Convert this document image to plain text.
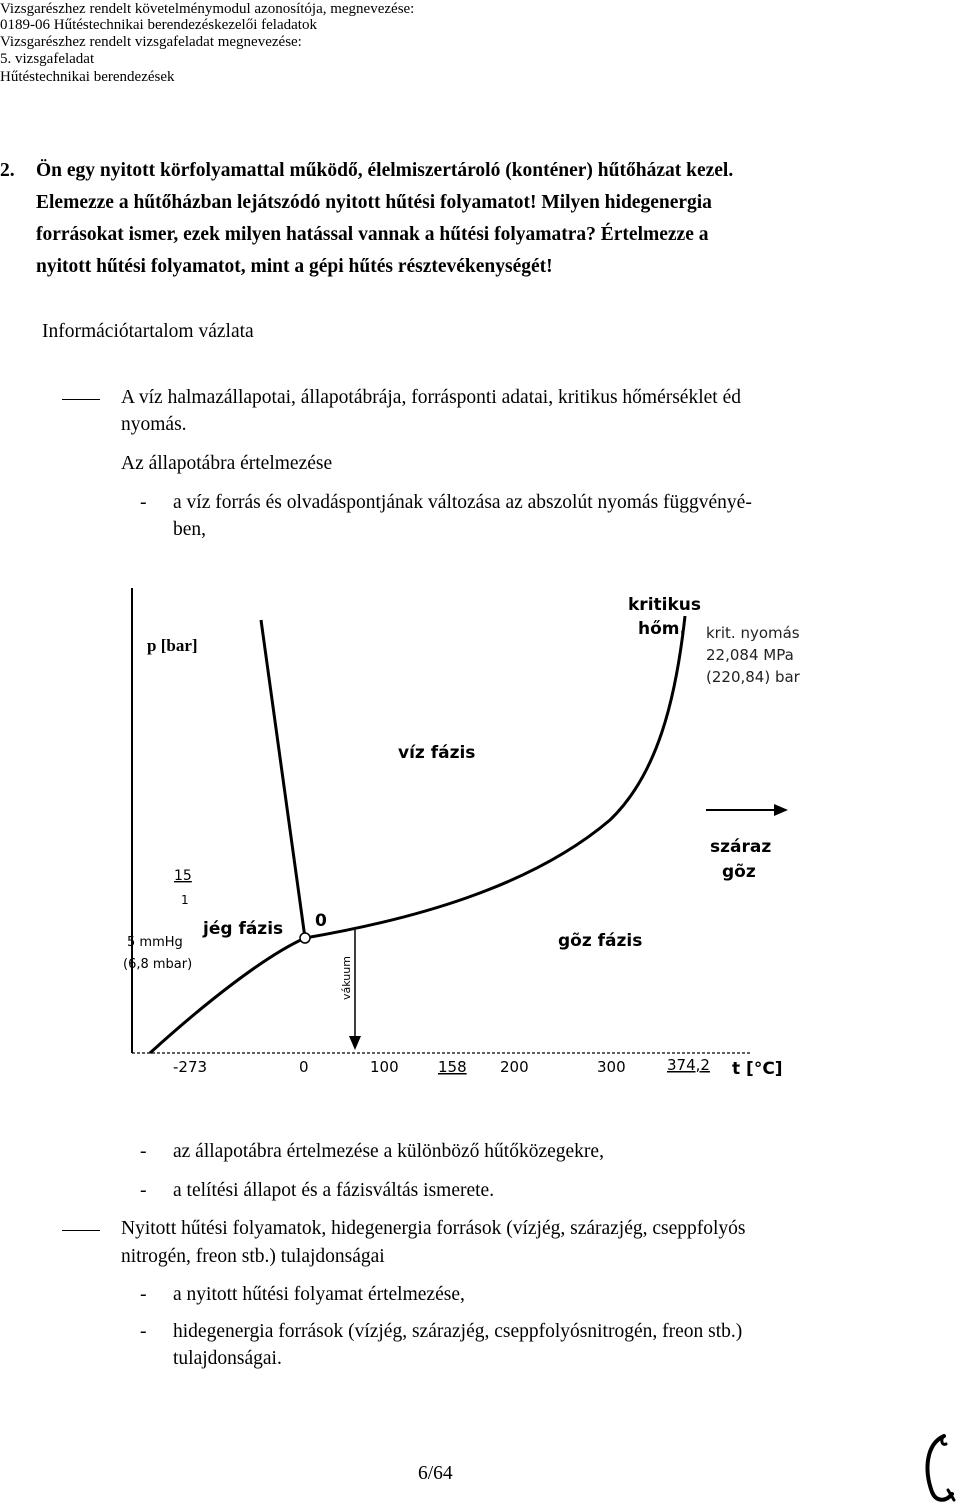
Vizsgarészhez rendelt követelménymodul azonosítója, megnevezése:
0189-06 Hűtéstechnikai berendezéskezelői feladatok
Vizsgarészhez rendelt vizsgafeladat megnevezése:
5. vizsgafeladat
Hűtéstechnikai berendezések
2. Ön egy nyitott körfolyamattal működő, élelmiszertároló (konténer) hűtőházat kezel.
Elemezze a hűtőházban lejátszódó nyitott hűtési folyamatot! Milyen hidegenergia
forrásokat ismer, ezek milyen hatással vannak a hűtési folyamatra? Értelmezze a
nyitott hűtési folyamatot, mint a gépi hűtés résztevékenységét!
Információtartalom vázlata
A víz halmazállapotai, állapotábrája, forrásponti adatai, kritikus hőmérséklet éd
nyomás.
Az állapotábra értelmezése
- a víz forrás és olvadáspontjának változása az abszolút nyomás függvényé-
ben,
p [bar]
kritikus
hőm. krit. nyomás
22,084 MPa
(220,84) bar
víz fázis
száraz
gõz
jég fázis 0
gõz fázis
vákuum
15
1
5 mmHg
(6,8 mbar)
-273	0	100	158 200	300	374,2 t [°C]
- az állapotábra értelmezése a különböző hűtőközegekre,
- a telítési állapot és a fázisváltás ismerete.
Nyitott hűtési folyamatok, hidegenergia források (vízjég, szárazjég, cseppfolyós
nitrogén, freon stb.) tulajdonságai
- a nyitott hűtési folyamat értelmezése,
- hidegenergia források (vízjég, szárazjég, cseppfolyósnitrogén, freon stb.)
tulajdonságai.
6/64
